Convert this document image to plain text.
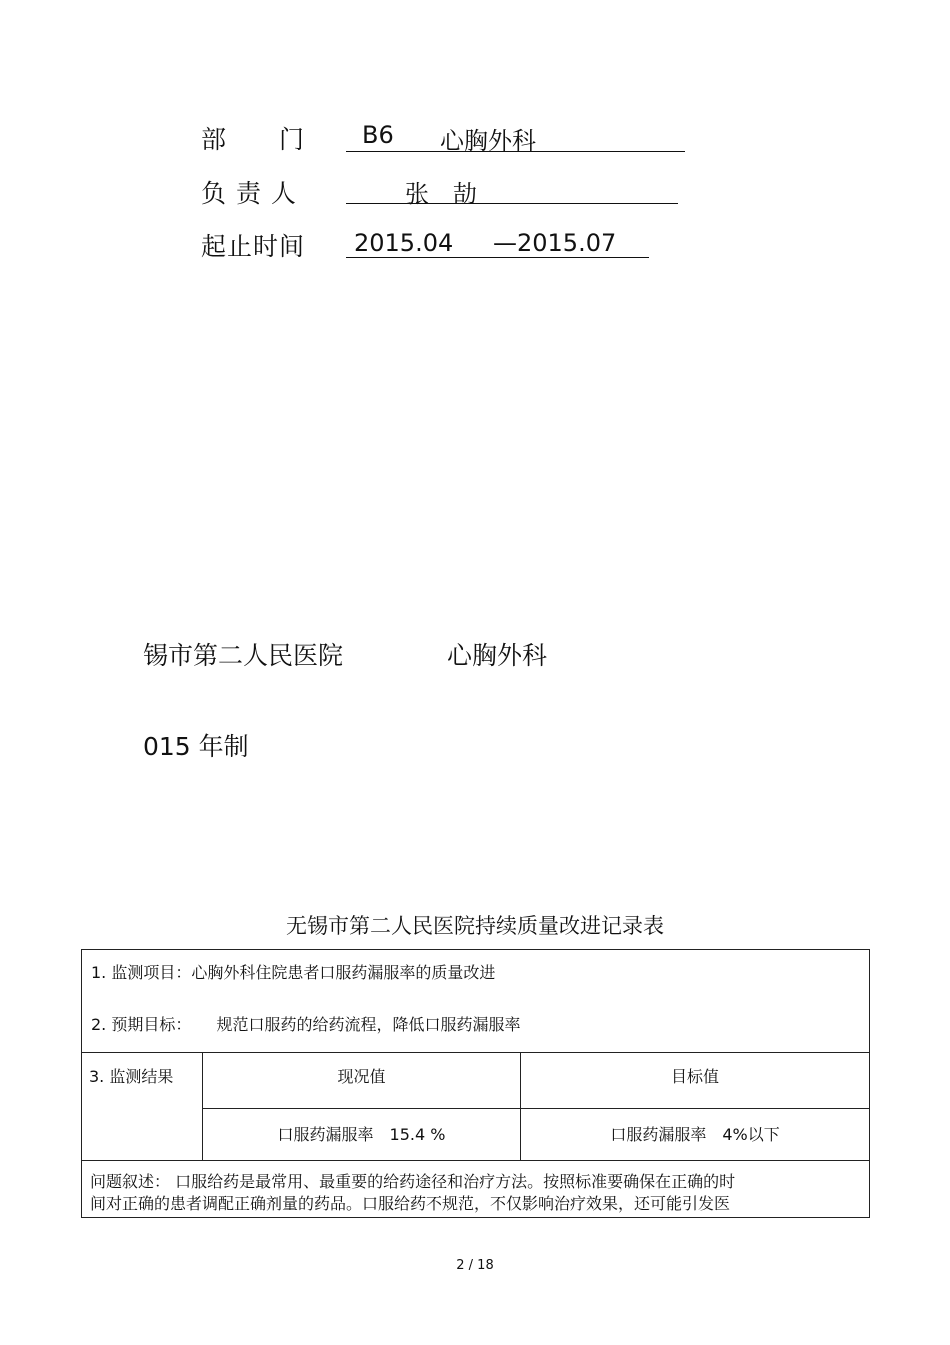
部　　门 B6 心胸外科
负 责 人	张　劼
起止时间 2015.04 —2015.07
锡市第二人民医院	心胸外科
015 年制
无锡市第二人民医院持续质量改进记录表
1. 监测项目：心胸外科住院患者口服药漏服率的质量改进
2. 预期目标： 规范口服药的给药流程，降低口服药漏服率		

3. 监测结果	现况值	目标值

	口服药漏服率　15.4 %	口服药漏服率　4%以下

问题叙述： 口服给药是最常用、最重要的给药途径和治疗方法。按照标准要确保在正确的时
间对正确的患者调配正确剂量的药品。口服给药不规范，不仅影响治疗效果，还可能引发医		
2 / 18
